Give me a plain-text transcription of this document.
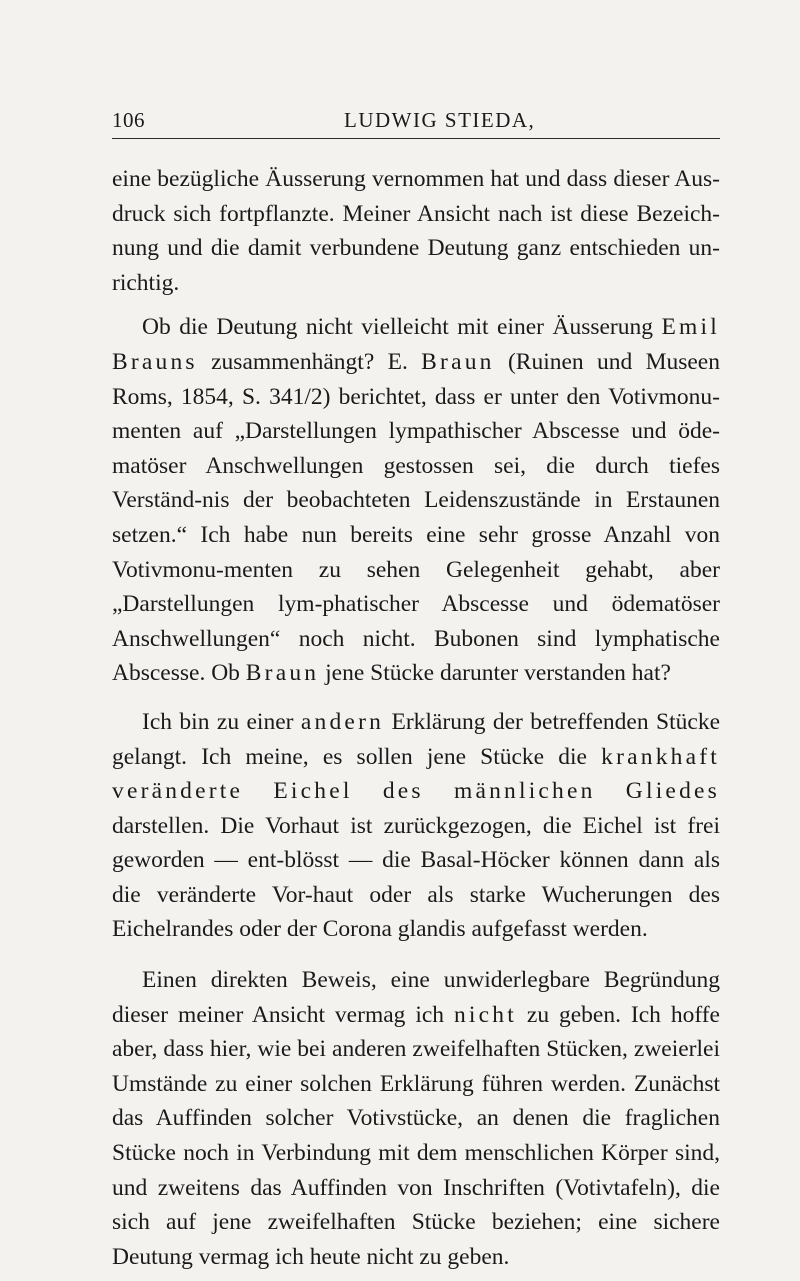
106	LUDWIG STIEDA,

eine bezügliche Äusserung vernommen hat und dass dieser Aus-druck sich fortpflanzte. Meiner Ansicht nach ist diese Bezeich-nung und die damit verbundene Deutung ganz entschieden un-richtig.

Ob die Deutung nicht vielleicht mit einer Äusserung Emil Brauns zusammenhängt? E. Braun (Ruinen und Museen Roms, 1854, S. 341/2) berichtet, dass er unter den Votivmonu-menten auf „Darstellungen lympathischer Abscesse und öde-matöser Anschwellungen gestossen sei, die durch tiefes Verständ-nis der beobachteten Leidenszustände in Erstaunen setzen.“ Ich habe nun bereits eine sehr grosse Anzahl von Votivmonu-menten zu sehen Gelegenheit gehabt, aber „Darstellungen lym-phatischer Abscesse und ödematöser Anschwellungen“ noch nicht. Bubonen sind lymphatische Abscesse. Ob Braun jene Stücke darunter verstanden hat?

Ich bin zu einer andern Erklärung der betreffenden Stücke gelangt. Ich meine, es sollen jene Stücke die krankhaft veränderte Eichel des männlichen Gliedes darstellen. Die Vorhaut ist zurückgezogen, die Eichel ist frei geworden — ent-blösst — die Basal-Höcker können dann als die veränderte Vor-haut oder als starke Wucherungen des Eichelrandes oder der Corona glandis aufgefasst werden.

Einen direkten Beweis, eine unwiderlegbare Begründung dieser meiner Ansicht vermag ich nicht zu geben. Ich hoffe aber, dass hier, wie bei anderen zweifelhaften Stücken, zweierlei Umstände zu einer solchen Erklärung führen werden. Zunächst das Auffinden solcher Votivstücke, an denen die fraglichen Stücke noch in Verbindung mit dem menschlichen Körper sind, und zweitens das Auffinden von Inschriften (Votivtafeln), die sich auf jene zweifelhaften Stücke beziehen; eine sichere Deutung vermag ich heute nicht zu geben.
